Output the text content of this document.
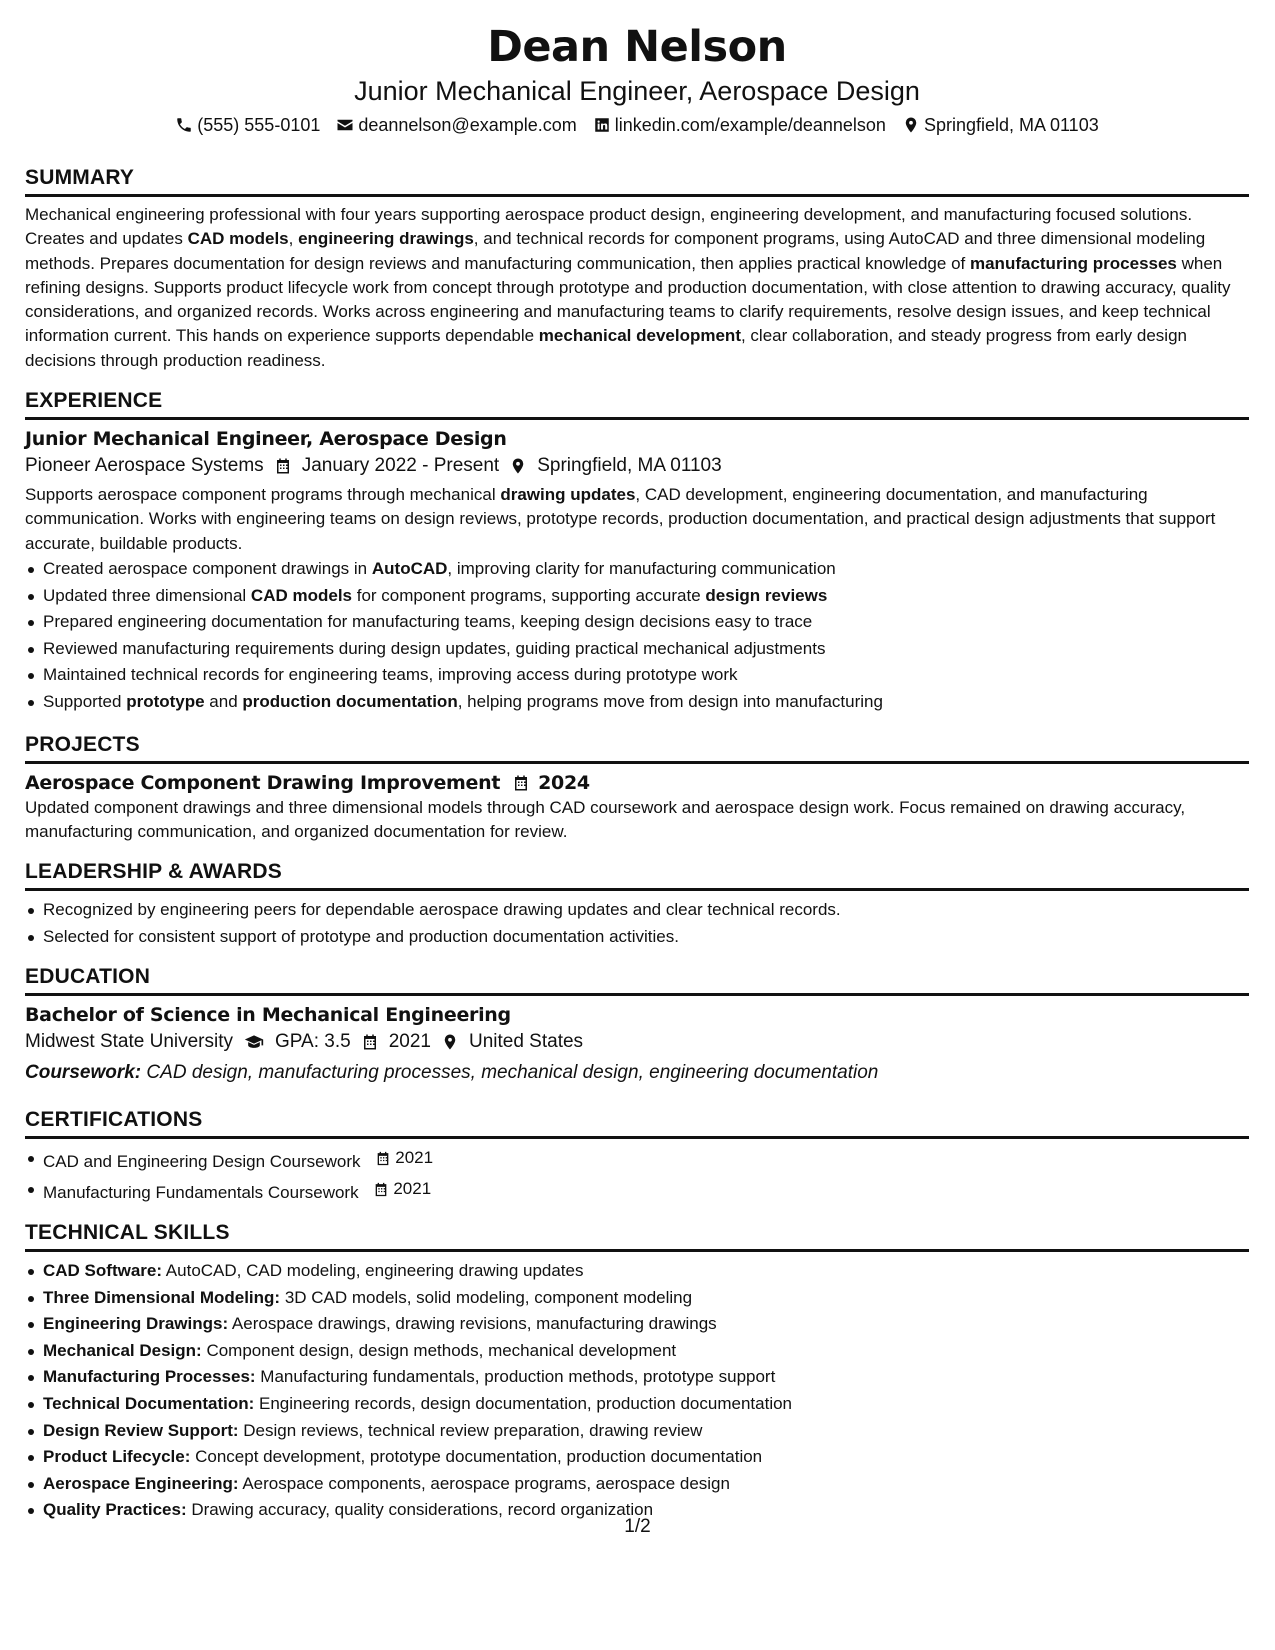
Dean Nelson
Junior Mechanical Engineer, Aerospace Design
(555) 555-0101 deannelson@example.com linkedin.com/example/deannelson Springfield, MA 01103
SUMMARY

Mechanical engineering professional with four years supporting aerospace product design, engineering development, and manufacturing focused solutions. Creates and updates CAD models, engineering drawings, and technical records for component programs, using AutoCAD and three dimensional modeling methods. Prepares documentation for design reviews and manufacturing communication, then applies practical knowledge of manufacturing processes when refining designs. Supports product lifecycle work from concept through prototype and production documentation, with close attention to drawing accuracy, quality considerations, and organized records. Works across engineering and manufacturing teams to clarify requirements, resolve design issues, and keep technical information current. This hands on experience supports dependable mechanical development, clear collaboration, and steady progress from early design decisions through production readiness.

EXPERIENCE
Junior Mechanical Engineer, Aerospace Design
Pioneer Aerospace Systems January 2022 - Present Springfield, MA 01103

Supports aerospace component programs through mechanical drawing updates, CAD development, engineering documentation, and manufacturing communication. Works with engineering teams on design reviews, prototype records, production documentation, and practical design adjustments that support accurate, buildable products.

Created aerospace component drawings in AutoCAD, improving clarity for manufacturing communication
Updated three dimensional CAD models for component programs, supporting accurate design reviews
Prepared engineering documentation for manufacturing teams, keeping design decisions easy to trace
Reviewed manufacturing requirements during design updates, guiding practical mechanical adjustments
Maintained technical records for engineering teams, improving access during prototype work
Supported prototype and production documentation, helping programs move from design into manufacturing
PROJECTS
Aerospace Component Drawing Improvement 2024

Updated component drawings and three dimensional models through CAD coursework and aerospace design work. Focus remained on drawing accuracy, manufacturing communication, and organized documentation for review.

LEADERSHIP & AWARDS
Recognized by engineering peers for dependable aerospace drawing updates and clear technical records.
Selected for consistent support of prototype and production documentation activities.
EDUCATION
Bachelor of Science in Mechanical Engineering
Midwest State University GPA: 3.5 2021 United States
Coursework: CAD design, manufacturing processes, mechanical design, engineering documentation
CERTIFICATIONS
CAD and Engineering Design Coursework 2021
Manufacturing Fundamentals Coursework 2021
TECHNICAL SKILLS
CAD Software: AutoCAD, CAD modeling, engineering drawing updates
Three Dimensional Modeling: 3D CAD models, solid modeling, component modeling
Engineering Drawings: Aerospace drawings, drawing revisions, manufacturing drawings
Mechanical Design: Component design, design methods, mechanical development
Manufacturing Processes: Manufacturing fundamentals, production methods, prototype support
Technical Documentation: Engineering records, design documentation, production documentation
Design Review Support: Design reviews, technical review preparation, drawing review
Product Lifecycle: Concept development, prototype documentation, production documentation
Aerospace Engineering: Aerospace components, aerospace programs, aerospace design
Quality Practices: Drawing accuracy, quality considerations, record organization
1/2
